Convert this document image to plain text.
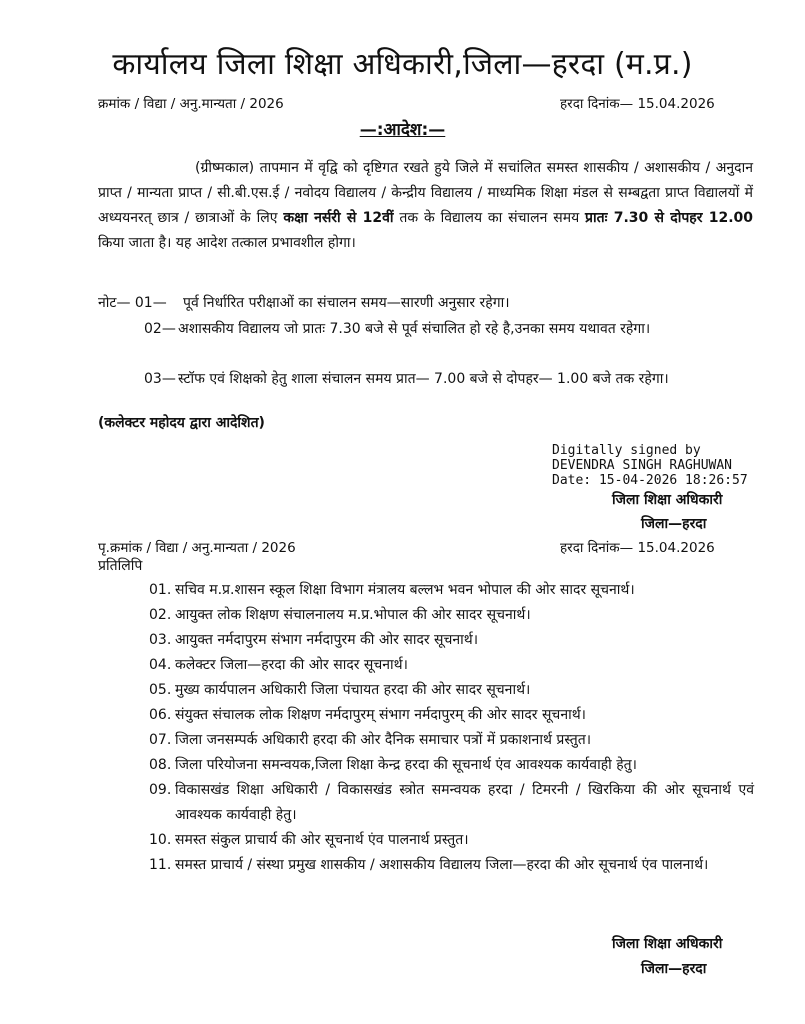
कार्यालय जिला शिक्षा अधिकारी,जिला—हरदा (म.प्र.)
क्रमांक / विद्या / अनु.मान्यता / 2026	हरदा दिनांक— 15.04.2026
—:आदेश:—
(ग्रीष्मकाल) तापमान में वृद्वि को दृष्टिगत रखते हुये जिले में सचांलित समस्त शासकीय / अशासकीय / अनुदान प्राप्त / मान्यता प्राप्त / सी.बी.एस.ई / नवोदय विद्यालय / केन्द्रीय विद्यालय / माध्यमिक शिक्षा मंडल से सम्बद्वता प्राप्त विद्यालयों में अध्ययनरत् छात्र / छात्राओं के लिए कक्षा नर्सरी से 12वीं तक के विद्यालय का संचालन समय प्रातः 7.30 से दोपहर 12.00 किया जाता है। यह आदेश तत्काल प्रभावशील होगा।
नोट— 01— पूर्व निर्धारित परीक्षाओं का संचालन समय—सारणी अनुसार रहेगा।
02— अशासकीय विद्यालय जो प्रातः 7.30 बजे से पूर्व संचालित हो रहे है,उनका समय यथावत रहेगा।
03— स्टॉफ एवं शिक्षको हेतु शाला संचालन समय प्रात— 7.00 बजे से दोपहर— 1.00 बजे तक रहेगा।
(कलेक्टर महोदय द्वारा आदेशित)
Digitally signed by
DEVENDRA SINGH RAGHUWAN
Date: 15-04-2026 18:26:57
जिला शिक्षा अधिकारी
जिला—हरदा
पृ.क्रमांक / विद्या / अनु.मान्यता / 2026	हरदा दिनांक— 15.04.2026
प्रतिलिपि
01. सचिव म.प्र.शासन स्कूल शिक्षा विभाग मंत्रालय बल्लभ भवन भोपाल की ओर सादर सूचनार्थ।
02. आयुक्त लोक शिक्षण संचालनालय म.प्र.भोपाल की ओर सादर सूचनार्थ।
03. आयुक्त नर्मदापुरम संभाग नर्मदापुरम की ओर सादर सूचनार्थ।
04. कलेक्टर जिला—हरदा की ओर सादर सूचनार्थ।
05. मुख्य कार्यपालन अधिकारी जिला पंचायत हरदा की ओर सादर सूचनार्थ।
06. संयुक्त संचालक लोक शिक्षण नर्मदापुरम् संभाग नर्मदापुरम् की ओर सादर सूचनार्थ।
07. जिला जनसम्पर्क अधिकारी हरदा की ओर दैनिक समाचार पत्रों में प्रकाशनार्थ प्रस्तुत।
08. जिला परियोजना समन्वयक,जिला शिक्षा केन्द्र हरदा की सूचनार्थ एंव आवश्यक कार्यवाही हेतु।
09. विकासखंड शिक्षा अधिकारी / विकासखंड स्त्रोत समन्वयक हरदा / टिमरनी / खिरकिया की ओर सूचनार्थ एवं आवश्यक कार्यवाही हेतु।
10. समस्त संकुल प्राचार्य की ओर सूचनार्थ एंव पालनार्थ प्रस्तुत।
11. समस्त प्राचार्य / संस्था प्रमुख शासकीय / अशासकीय विद्यालय जिला—हरदा की ओर सूचनार्थ एंव पालनार्थ।
जिला शिक्षा अधिकारी
जिला—हरदा
